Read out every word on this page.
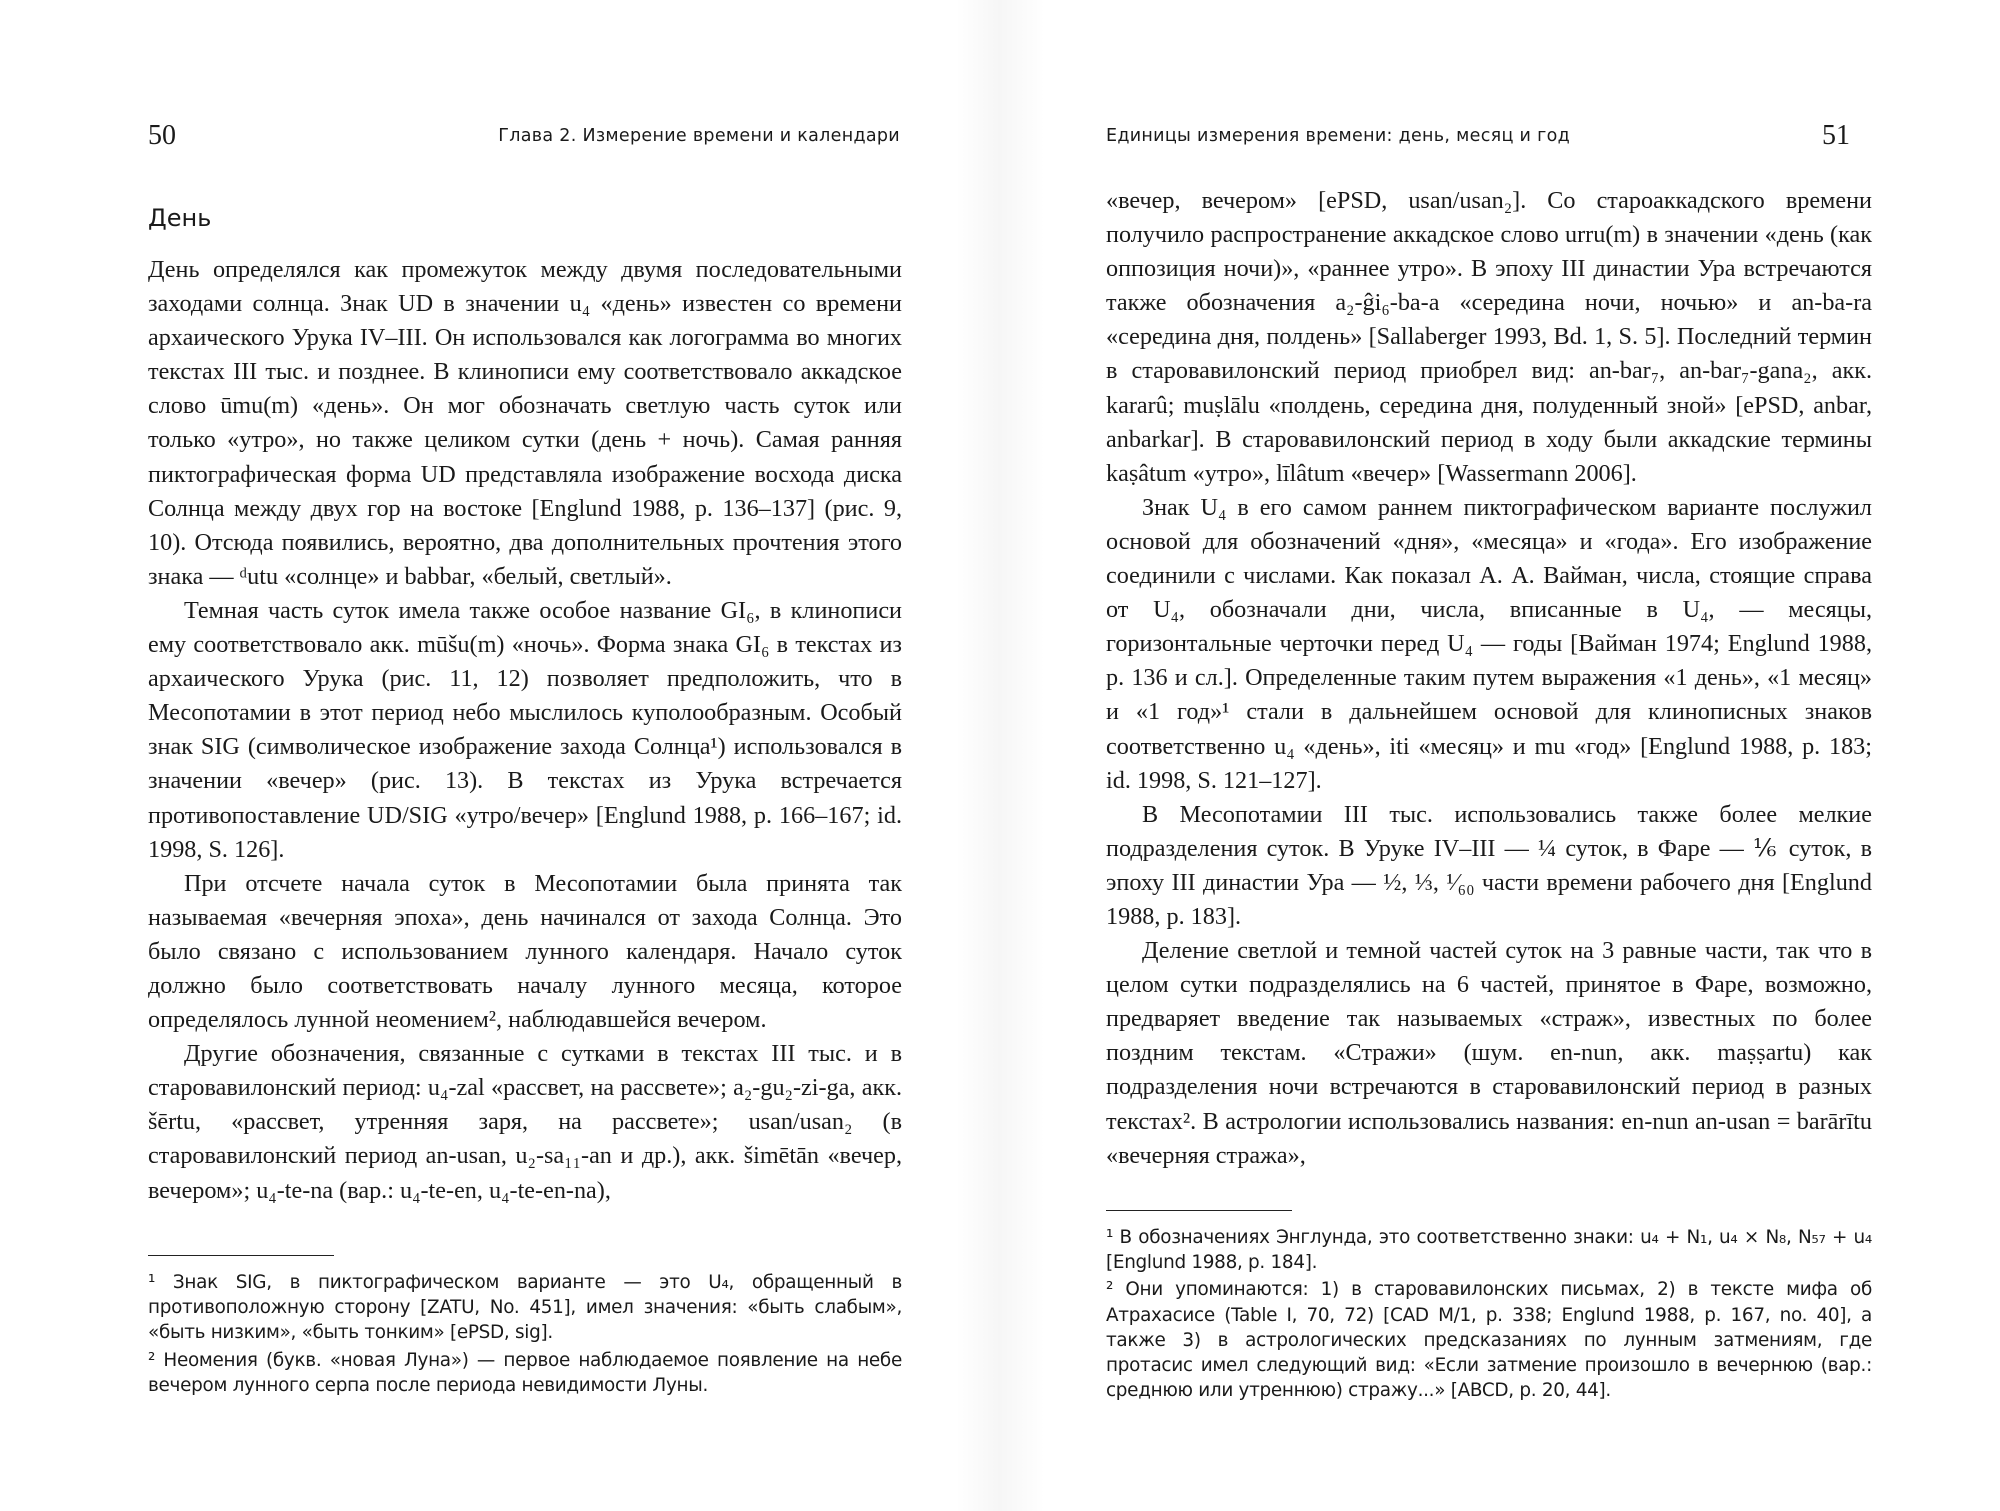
50	Глава 2. Измерение времени и календари
День

День определялся как промежуток между двумя последовательными заходами солнца. Знак UD в значении u₄ «день» известен со времени архаического Урука IV–III. Он использовался как логограмма во многих текстах III тыс. и позднее. В клинописи ему соответствовало аккадское слово ūmu(m) «день». Он мог обозначать светлую часть суток или только «утро», но также целиком сутки (день + ночь). Самая ранняя пиктографическая форма UD представляла изображение восхода диска Солнца между двух гор на востоке [Englund 1988, p. 136–137] (рис. 9, 10). Отсюда появились, вероятно, два дополнительных прочтения этого знака — ᵈutu «солнце» и babbar, «белый, светлый».

Темная часть суток имела также особое название GI₆, в клинописи ему соответствовало акк. mūšu(m) «ночь». Форма знака GI₆ в текстах из архаического Урука (рис. 11, 12) позволяет предположить, что в Месопотамии в этот период небо мыслилось куполообразным. Особый знак SIG (символическое изображение захода Солнца¹) использовался в значении «вечер» (рис. 13). В текстах из Урука встречается противопоставление UD/SIG «утро/вечер» [Englund 1988, p. 166–167; id. 1998, S. 126].

При отсчете начала суток в Месопотамии была принята так называемая «вечерняя эпоха», день начинался от захода Солнца. Это было связано с использованием лунного календаря. Начало суток должно было соответствовать началу лунного месяца, которое определялось лунной неомением², наблюдавшейся вечером.

Другие обозначения, связанные с сутками в текстах III тыс. и в старовавилонский период: u₄-zal «рассвет, на рассвете»; a₂-gu₂-zi-ga, акк. šērtu, «рассвет, утренняя заря, на рассвете»; usan/usan₂ (в старовавилонский период an-usan, u₂-sa₁₁-an и др.), акк. šimētān «вечер, вечером»; u₄-te-na (вар.: u₄-te-en, u₄-te-en-na),

¹ Знак SIG, в пиктографическом варианте — это U₄, обращенный в противоположную сторону [ZATU, No. 451], имел значения: «быть слабым», «быть низким», «быть тонким» [ePSD, sig].

² Неомения (букв. «новая Луна») — первое наблюдаемое появление на небе вечером лунного серпа после периода невидимости Луны.

Единицы измерения времени: день, месяц и год	51

«вечер, вечером» [ePSD, usan/usan₂]. Со староаккадского времени получило распространение аккадское слово urru(m) в значении «день (как оппозиция ночи)», «раннее утро». В эпоху III династии Ура встречаются также обозначения a₂-ĝi₆-ba-a «середина ночи, ночью» и an-ba-ra «середина дня, полдень» [Sallaberger 1993, Bd. 1, S. 5]. Последний термин в старовавилонский период приобрел вид: an-bar₇, an-bar₇-gana₂, акк. kararû; muṣlālu «полдень, середина дня, полуденный зной» [ePSD, anbar, anbarkar]. В старовавилонский период в ходу были аккадские термины kaṣâtum «утро», līlâtum «вечер» [Wassermann 2006].

Знак U₄ в его самом раннем пиктографическом варианте послужил основой для обозначений «дня», «месяца» и «года». Его изображение соединили с числами. Как показал А. А. Вайман, числа, стоящие справа от U₄, обозначали дни, числа, вписанные в U₄, — месяцы, горизонтальные черточки перед U₄ — годы [Вайман 1974; Englund 1988, p. 136 и сл.]. Определенные таким путем выражения «1 день», «1 месяц» и «1 год»¹ стали в дальнейшем основой для клинописных знаков соответственно u₄ «день», iti «месяц» и mu «год» [Englund 1988, p. 183; id. 1998, S. 121–127].

В Месопотамии III тыс. использовались также более мелкие подразделения суток. В Уруке IV–III — ¼ суток, в Фаре — ⅙ суток, в эпоху III династии Ура — ½, ⅓, ¹⁄₆₀ части времени рабочего дня [Englund 1988, p. 183].

Деление светлой и темной частей суток на 3 равные части, так что в целом сутки подразделялись на 6 частей, принятое в Фаре, возможно, предваряет введение так называемых «страж», известных по более поздним текстам. «Стражи» (шум. en-nun, акк. maṣṣartu) как подразделения ночи встречаются в старовавилонский период в разных текстах². В астрологии использовались названия: en-nun an-usan = barārītu «вечерняя стража»,

¹ В обозначениях Энглунда, это соответственно знаки: u₄ + N₁, u₄ × N₈, N₅₇ + u₄ [Englund 1988, p. 184].

² Они упоминаются: 1) в старовавилонских письмах, 2) в тексте мифа об Атрахасисе (Table I, 70, 72) [CAD M/1, p. 338; Englund 1988, p. 167, no. 40], а также 3) в астрологических предсказаниях по лунным затмениям, где протасис имел следующий вид: «Если затмение произошло в вечернюю (вар.: среднюю или утреннюю) стражу...» [ABCD, p. 20, 44].
